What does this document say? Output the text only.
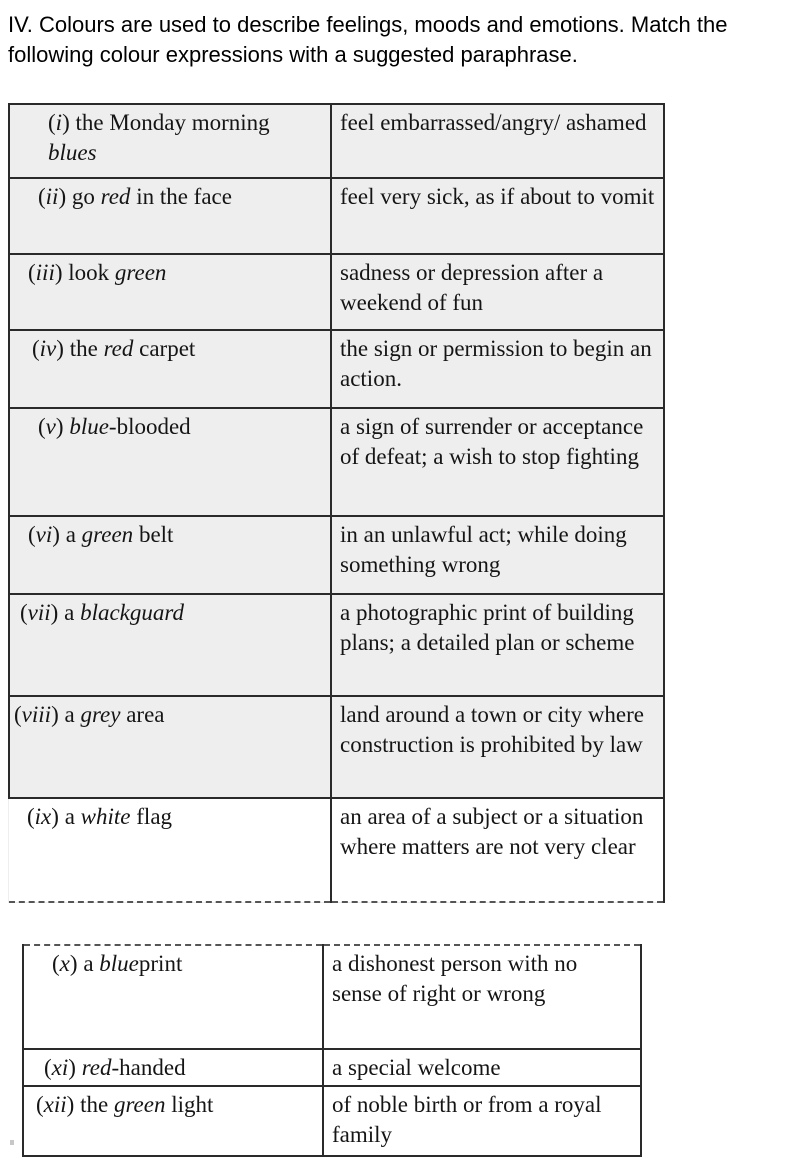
IV. Colours are used to describe feelings, moods and emotions. Match the following colour expressions with a suggested paraphrase.

(i) the Monday morning blues	feel embarrassed/angry/ ashamed

(ii) go red in the face	feel very sick, as if about to vomit

(iii) look green	sadness or depression after a weekend of fun

(iv) the red carpet	the sign or permission to begin an action.

(v) blue-blooded	a sign of surrender or acceptance of defeat; a wish to stop fighting

(vi) a green belt	in an unlawful act; while doing something wrong

(vii) a blackguard	a photographic print of building plans; a detailed plan or scheme

(viii) a grey area	land around a town or city where construction is prohibited by law

(ix) a white flag	an area of a subject or a situation where matters are not very clear
(x) a blueprint	a dishonest person with no sense of right or wrong

(xi) red-handed	a special welcome

(xii) the green light	of noble birth or from a royal family
